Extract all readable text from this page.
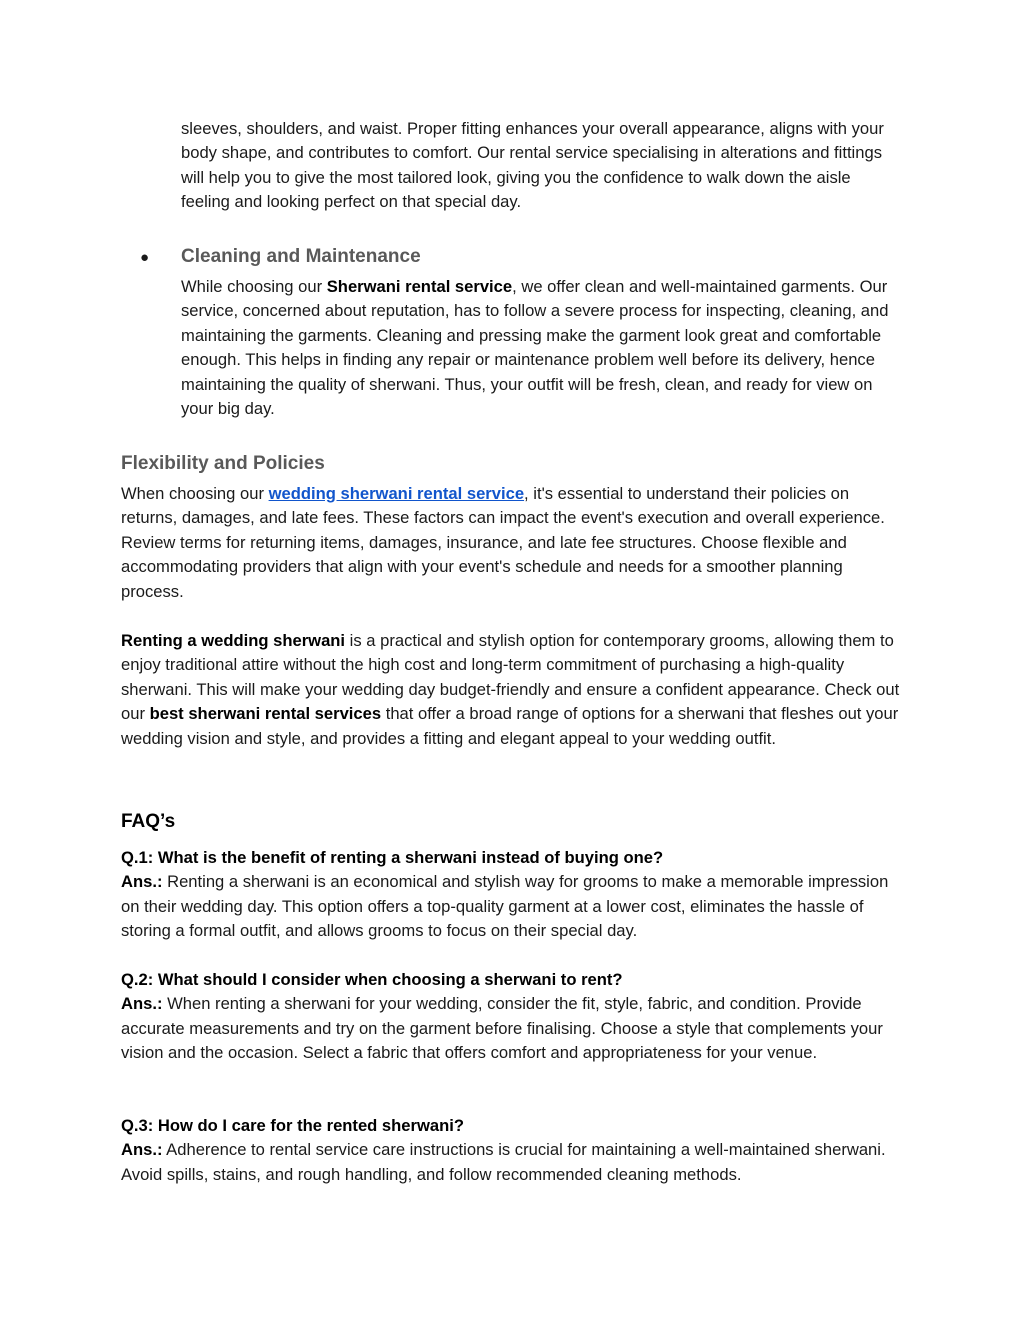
sleeves, shoulders, and waist. Proper fitting enhances your overall appearance, aligns with your body shape, and contributes to comfort. Our rental service specialising in alterations and fittings will help you to give the most tailored look, giving you the confidence to walk down the aisle feeling and looking perfect on that special day.

● Cleaning and Maintenance

While choosing our Sherwani rental service, we offer clean and well-maintained garments. Our service, concerned about reputation, has to follow a severe process for inspecting, cleaning, and maintaining the garments. Cleaning and pressing make the garment look great and comfortable enough. This helps in finding any repair or maintenance problem well before its delivery, hence maintaining the quality of sherwani. Thus, your outfit will be fresh, clean, and ready for view on your big day.

Flexibility and Policies

When choosing our wedding sherwani rental service, it's essential to understand their policies on returns, damages, and late fees. These factors can impact the event's execution and overall experience. Review terms for returning items, damages, insurance, and late fee structures. Choose flexible and accommodating providers that align with your event's schedule and needs for a smoother planning process.

Renting a wedding sherwani is a practical and stylish option for contemporary grooms, allowing them to enjoy traditional attire without the high cost and long-term commitment of purchasing a high-quality sherwani. This will make your wedding day budget-friendly and ensure a confident appearance. Check out our best sherwani rental services that offer a broad range of options for a sherwani that fleshes out your wedding vision and style, and provides a fitting and elegant appeal to your wedding outfit.

FAQ’s
Q.1: What is the benefit of renting a sherwani instead of buying one?
Ans.: Renting a sherwani is an economical and stylish way for grooms to make a memorable impression on their wedding day. This option offers a top-quality garment at a lower cost, eliminates the hassle of storing a formal outfit, and allows grooms to focus on their special day.
Q.2: What should I consider when choosing a sherwani to rent?
Ans.: When renting a sherwani for your wedding, consider the fit, style, fabric, and condition. Provide accurate measurements and try on the garment before finalising. Choose a style that complements your vision and the occasion. Select a fabric that offers comfort and appropriateness for your venue.
Q.3: How do I care for the rented sherwani?
Ans.: Adherence to rental service care instructions is crucial for maintaining a well-maintained sherwani. Avoid spills, stains, and rough handling, and follow recommended cleaning methods.
